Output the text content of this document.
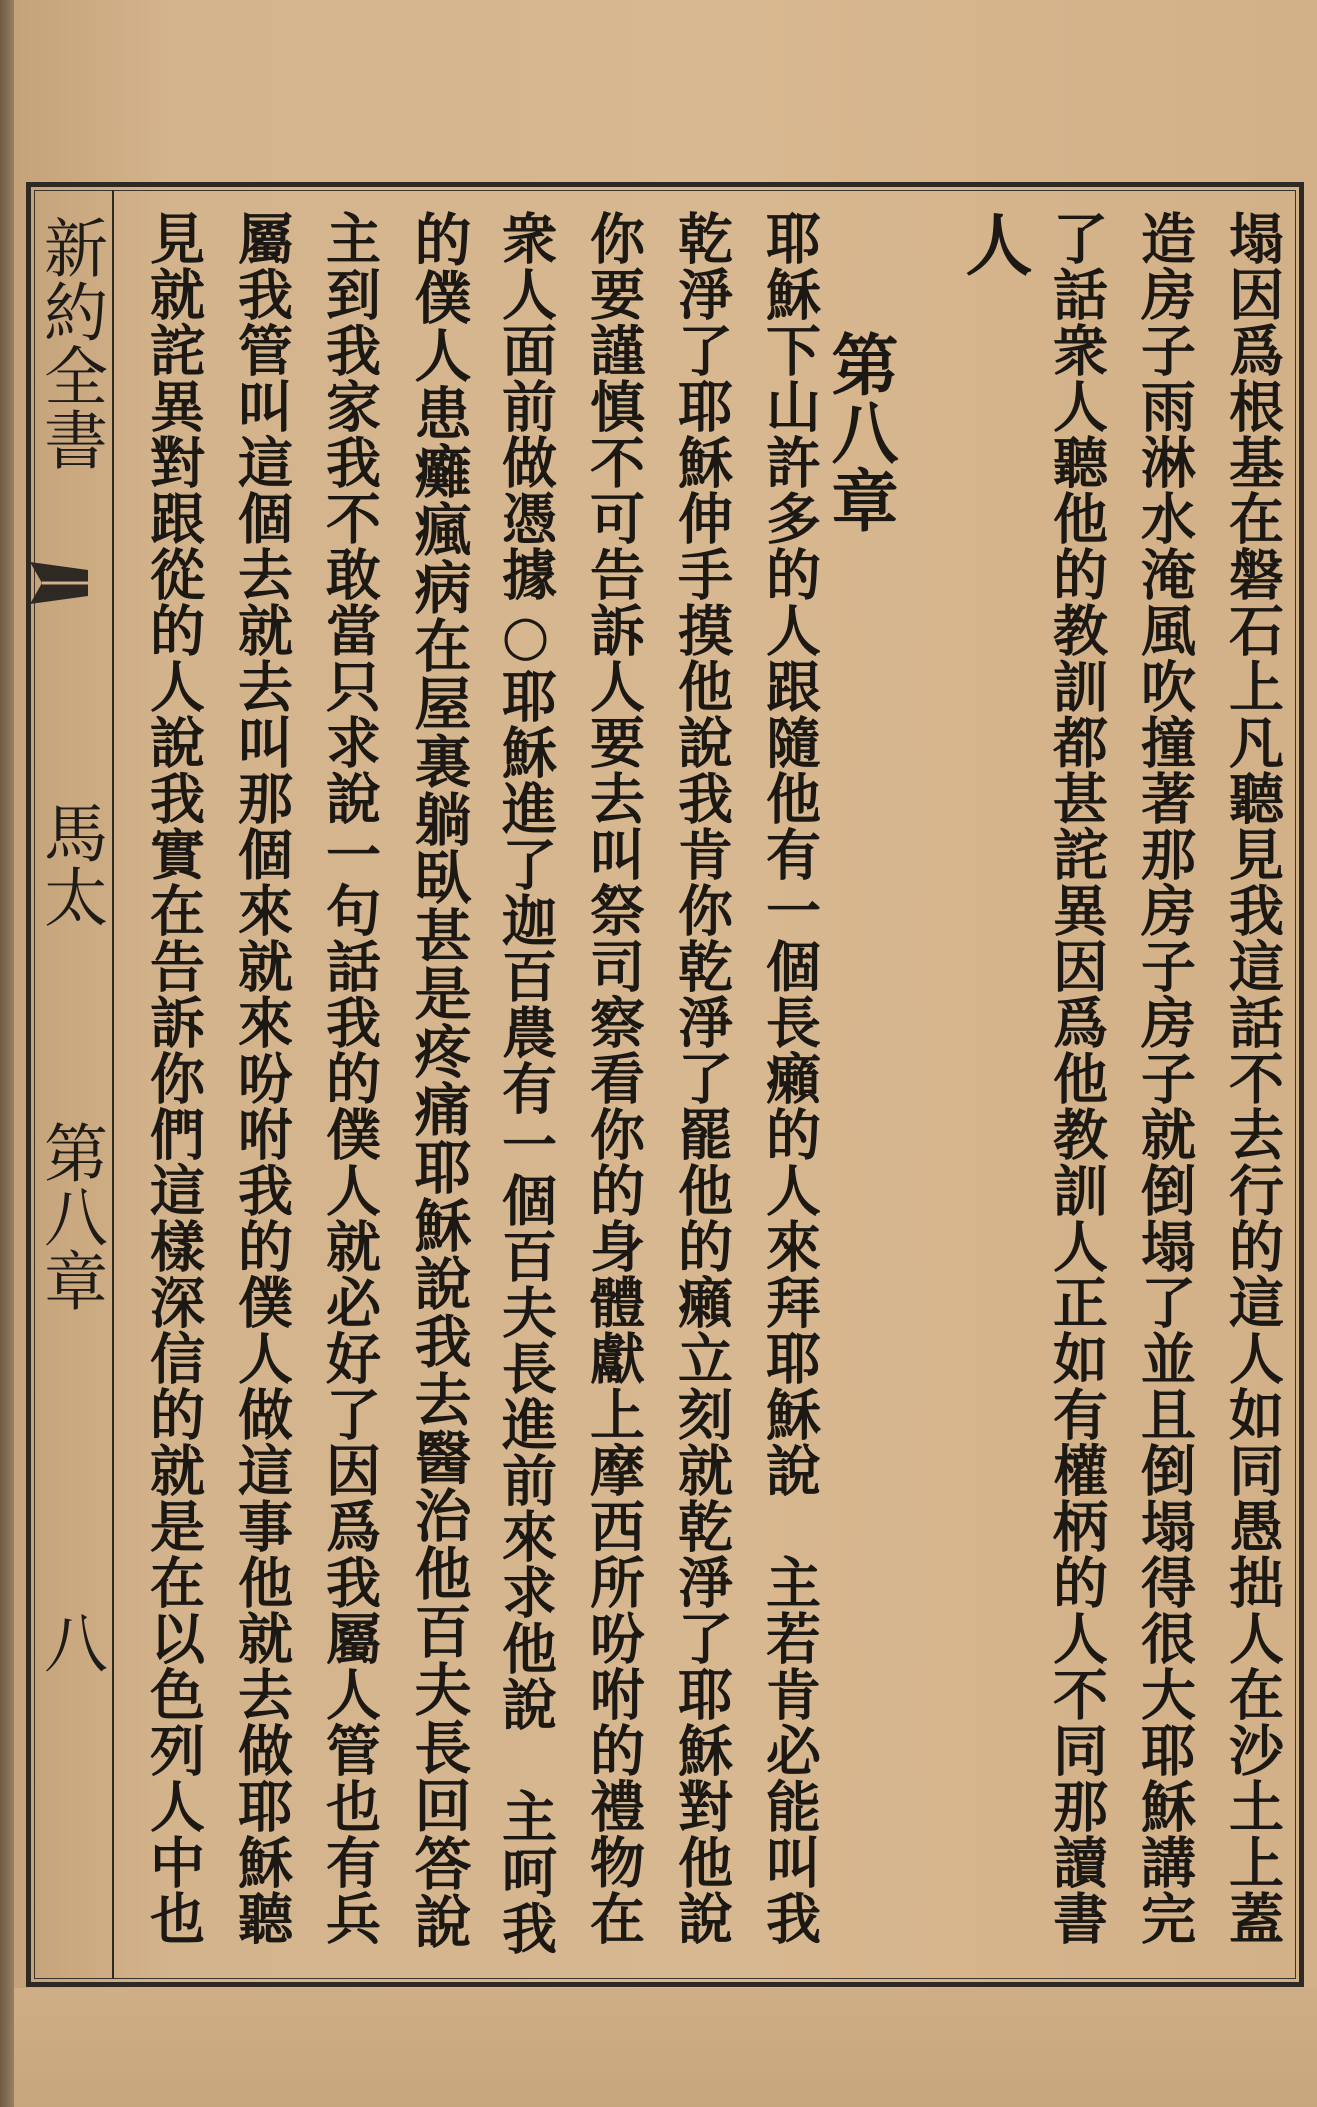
新約全書
馬太
第八章
八	塌因爲根基在磐石上凡聽見我這話不去行的這人如同愚拙人在沙土上蓋
造房子雨淋水淹風吹撞著那房子房子就倒塌了並且倒塌得很大耶穌講完
了話衆人聽他的教訓都甚詫異因爲他教訓人正如有權柄的人不同那讀書
人
第八章
耶穌下山許多的人跟隨他有一個長癩的人來拜耶穌說　主若肯必能叫我
乾淨了耶穌伸手摸他說我肯你乾淨了罷他的癩立刻就乾淨了耶穌對他說
你要謹慎不可告訴人要去叫祭司察看你的身體獻上摩西所吩咐的禮物在
衆人面前做憑據○耶穌進了迦百農有一個百夫長進前來求他說　主呵我
的僕人患癱瘋病在屋裏躺臥甚是疼痛耶穌說我去醫治他百夫長回答說
主到我家我不敢當只求說一句話我的僕人就必好了因爲我屬人管也有兵
屬我管叫這個去就去叫那個來就來吩咐我的僕人做這事他就去做耶穌聽
見就詫異對跟從的人說我實在告訴你們這樣深信的就是在以色列人中也
